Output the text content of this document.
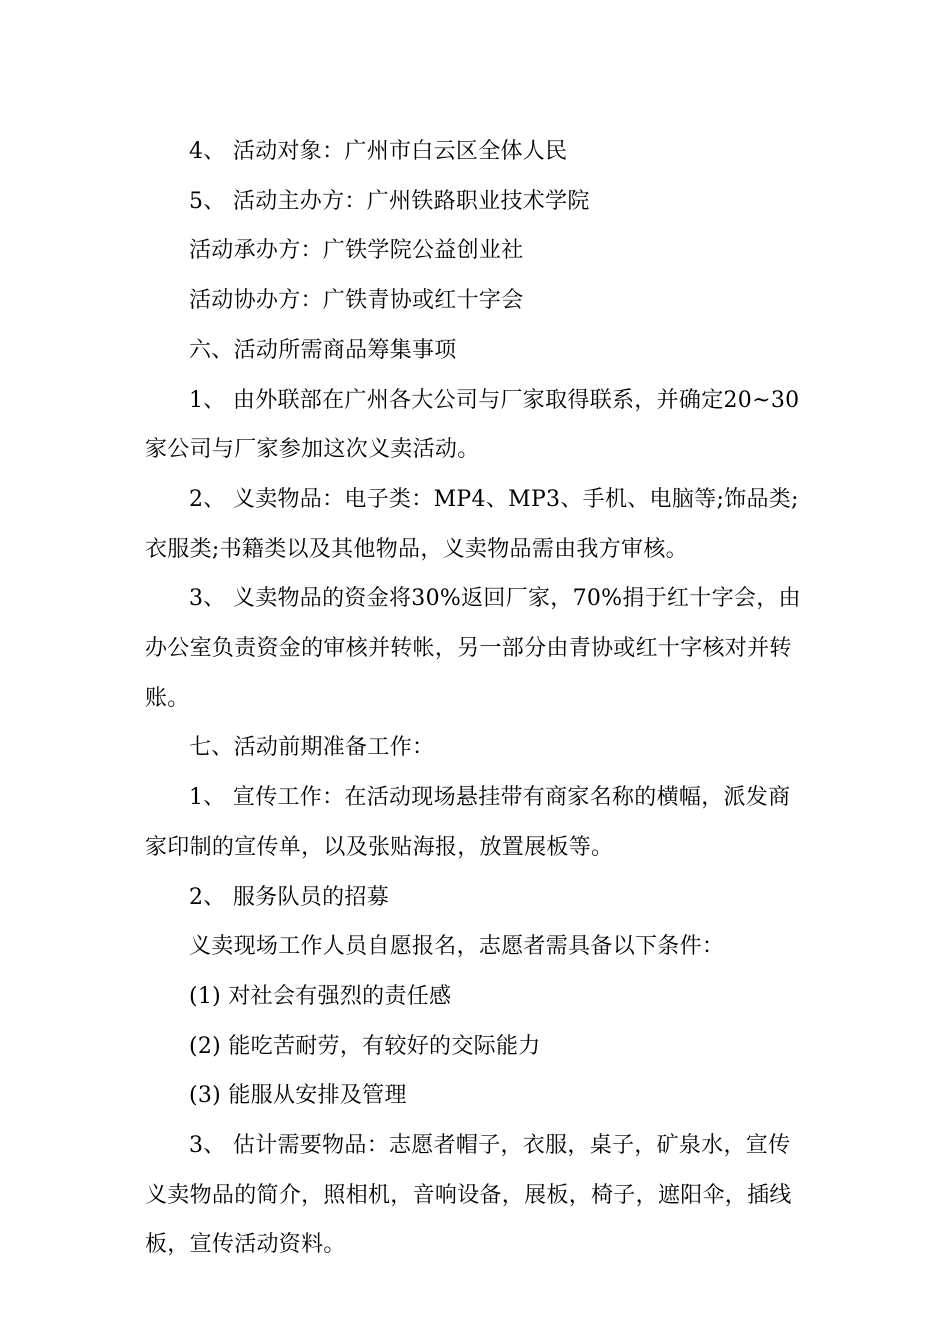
4、 活动对象：广州市白云区全体人民

5、 活动主办方：广州铁路职业技术学院

活动承办方：广铁学院公益创业社

活动协办方：广铁青协或红十字会

六、活动所需商品筹集事项

1、 由外联部在广州各大公司与厂家取得联系，并确定20~30家公司与厂家参加这次义卖活动。

2、 义卖物品：电子类：MP4、MP3、手机、电脑等;饰品类;衣服类;书籍类以及其他物品，义卖物品需由我方审核。

3、 义卖物品的资金将30%返回厂家，70%捐于红十字会，由办公室负责资金的审核并转帐，另一部分由青协或红十字核对并转账。

七、活动前期准备工作：

1、 宣传工作：在活动现场悬挂带有商家名称的横幅，派发商家印制的宣传单，以及张贴海报，放置展板等。

2、 服务队员的招募

义卖现场工作人员自愿报名，志愿者需具备以下条件：

(1) 对社会有强烈的责任感

(2) 能吃苦耐劳，有较好的交际能力

(3) 能服从安排及管理

3、 估计需要物品：志愿者帽子，衣服，桌子，矿泉水，宣传义卖物品的简介，照相机，音响设备，展板，椅子，遮阳伞，插线板，宣传活动资料。
